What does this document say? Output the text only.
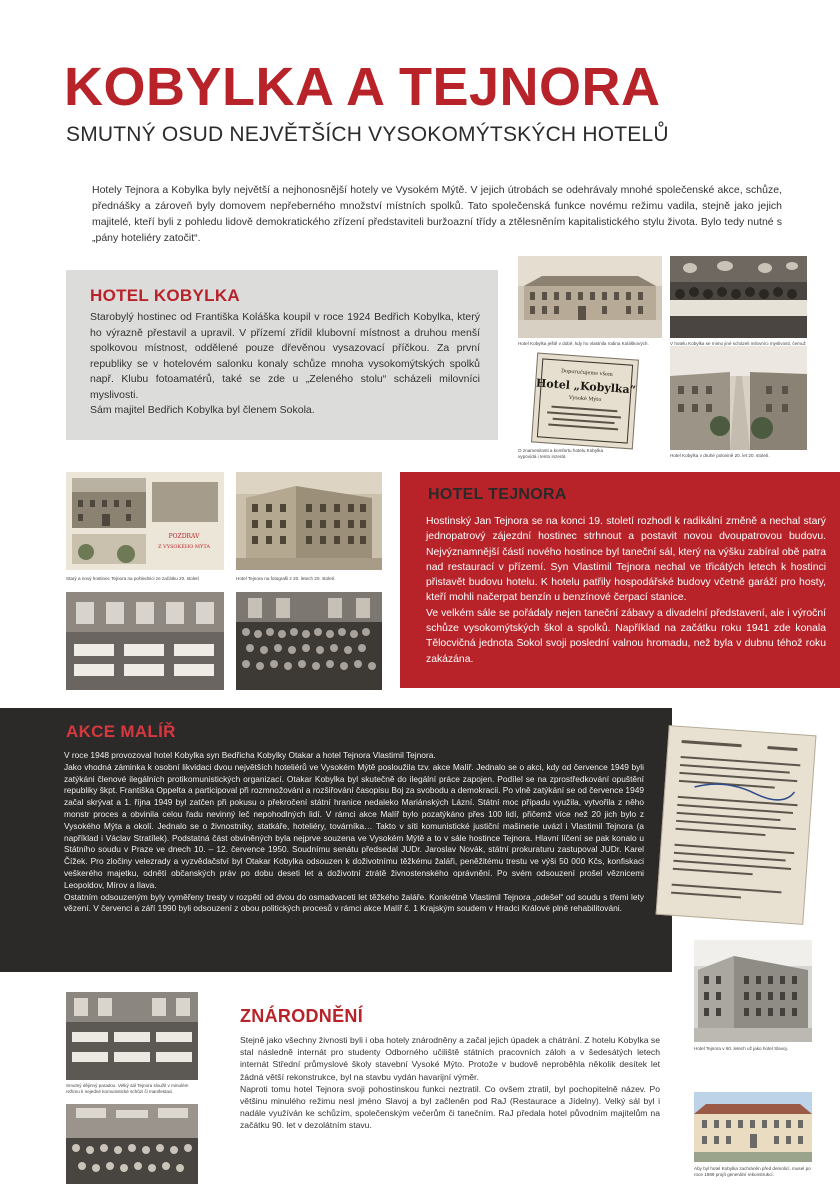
KOBYLKA A TEJNORA
SMUTNÝ OSUD NEJVĚTŠÍCH VYSOKOMÝTSKÝCH HOTELŮ
Hotely Tejnora a Kobylka byly největší a nejhonosnější hotely ve Vysokém Mýtě. V jejich útrobách se odehrávaly mnohé společenské akce, schůze, přednášky a zároveň byly domovem nepřeberného množství místních spolků. Tato společenská funkce novému režimu vadila, stejně jako jejich majitelé, kteří byli z pohledu lidově demokratického zřízení představiteli buržoazní třídy a ztělesněním kapitalistického stylu života. Bylo tedy nutné s „pány hoteliéry zatočit“.
HOTEL KOBYLKA

Starobylý hostinec od Františka Koláška koupil v roce 1924 Bedřich Kobylka, který ho výrazně přestavil a upravil. V přízemí zřídil klubovní místnost a druhou menší spolkovou místnost, oddělené pouze dřevěnou vysazovací příčkou. Za první republiky se v hotelovém salonku konaly schůze mnoha vysokomýtských spolků např. Klubu fotoamatérů, také se zde u „Zeleného stolu“ scházeli milovníci myslivosti.

Sám majitel Bedřich Kobylka byl členem Sokola.

Hotel Kobylka ještě v době, kdy ho vlastnila rodina Koláškových.	V hotelu Kobylka se mimo jiné scházeli milovníci myslivosti, čemuž
Doporučujeme všem
Hotel „Kobylka“
Vysoké Mýto
O znamenitosti a komfortu hotelu Kobylka vypovídá i tento inzerát.	Hotel Kobylka v druhé polovině 20. let 20. století.
POZDRAV
Z VYSOKÉHO MÝTA
Starý a nový hostinec Tejnora na pohlednici ze začátku 20. století	Hotel Tejnora na fotografii z 20. letech 20. století.
HOTEL TEJNORA

Hostinský Jan Tejnora se na konci 19. století rozhodl k radikální změně a nechal starý jednopatrový zájezdní hostinec strhnout a postavit novou dvoupatrovou budovu. Nejvýznamnější částí nového hostince byl taneční sál, který na výšku zabíral obě patra nad restaurací v přízemí. Syn Vlastimil Tejnora nechal ve třicátých letech k hostinci přistavět budovu hotelu. K hotelu patřily hospodářské budovy včetně garáží pro hosty, kteří mohli načerpat benzín u benzínové čerpací stanice.

Ve velkém sále se pořádaly nejen taneční zábavy a divadelní představení, ale i výroční schůze vysokomýtských škol a spolků. Například na začátku roku 1941 zde konala Tělocvičná jednota Sokol svoji poslední valnou hromadu, než byla v dubnu téhož roku zakázána.

AKCE MALÍŘ

V roce 1948 provozoval hotel Kobylka syn Bedřicha Kobylky Otakar a hotel Tejnora Vlastimil Tejnora.

Jako vhodná záminka k osobní likvidaci dvou největších hoteliérů ve Vysokém Mýtě posloužila tzv. akce Malíř. Jednalo se o akci, kdy od července 1949 byli zatýkáni členové ilegálních protikomunistických organizací. Otakar Kobylka byl skutečně do ilegální práce zapojen. Podílel se na zprostředkování opuštění republiky škpt. Františka Oppelta a participoval při rozmnožování a rozšiřování časopisu Boj za svobodu a demokracii. Po vlně zatýkání se od července 1949 začal skrývat a 1. října 1949 byl zatčen při pokusu o překročení státní hranice nedaleko Mariánských Lázní. Státní moc případu využila, vytvořila z něho monstr proces a obvinila celou řadu nevinný leč nepohodlných lidí. V rámci akce Malíř bylo pozatýkáno přes 100 lidí, přičemž více než 20 jich bylo z Vysokého Mýta a okolí. Jednalo se o živnostníky, statkáře, hoteliéry, továrníka… Takto v síti komunistické justiční mašinerie uvázl i Vlastimil Tejnora (a například i Václav Stratílek). Podstatná část obviněných byla nejprve souzena ve Vysokém Mýtě a to v sále hostince Tejnora. Hlavní líčení se pak konalo u Státního soudu v Praze ve dnech 10. – 12. července 1950. Soudnímu senátu předsedal JUDr. Jaroslav Novák, státní prokuraturu zastupoval JUDr. Karel Čížek. Pro zločiny velezrady a vyzvědačství byl Otakar Kobylka odsouzen k doživotnímu těžkému žaláři, peněžitému trestu ve výši 50 000 Kčs, konfiskaci veškerého majetku, odnětí občanských práv po dobu deseti let a doživotní ztrátě živnostenského oprávnění. Po svém odsouzení prošel věznicemi Leopoldov, Mírov a Ilava.

Ostatním odsouzeným byly vyměřeny tresty v rozpětí od dvou do osmadvaceti let těžkého žaláře. Konkrétně Vlastimil Tejnora „odešel“ od soudu s třemi lety vězení. V červenci a září 1990 byli odsouzení z obou politických procesů v rámci akce Malíř č. 1 Krajským soudem v Hradci Králové plně rehabilitováni.

ZNÁRODNĚNÍ

Stejně jako všechny živnosti byli i oba hotely znárodněny a začal jejich úpadek a chátrání. Z hotelu Kobylka se stal následně internát pro studenty Odborného učiliště státních pracovních záloh a v šedesátých letech internát Střední průmyslové školy stavební Vysoké Mýto. Protože v budově neproběhla několik desítek let žádná větší rekonstrukce, byl na stavbu vydán havarijní výměr.

Naproti tomu hotel Tejnora svoji pohostinskou funkci neztratil. Co ovšem ztratil, byl pochopitelně název. Po většinu minulého režimu nesl jméno Slavoj a byl začleněn pod RaJ (Restaurace a Jídelny). Velký sál byl i nadále využíván ke schůzím, společenským večerům či tanečním. RaJ předala hotel původním majitelům na začátku 90. let v dezolátním stavu.

Smutný dějinný paradox. Velký sál Tejnora sloužil v minulém režimu k nejedné komunistické schůzi či manifestaci.
Hotel Tejnora v 60. letech už jako hotel Slavoj.
Aby byl hotel Kobylka zachráněn před demolicí, musel po roce 1989 projít generální rekonstrukcí.
